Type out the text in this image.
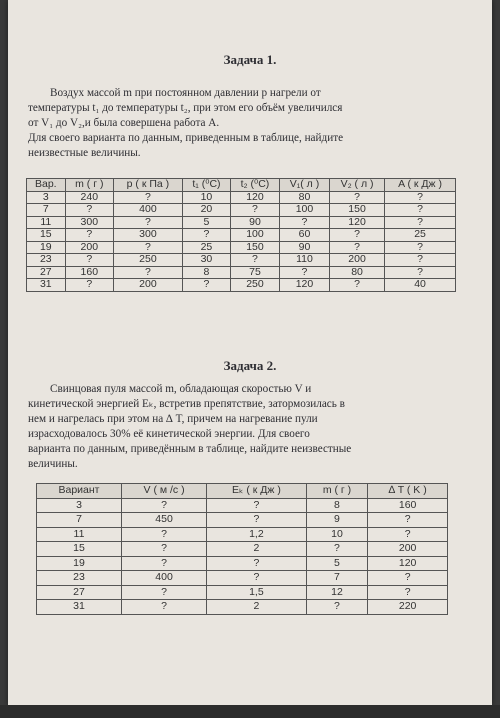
Задача 1.
Воздух массой m при постоянном давлении p нагрели от
температуры t₁ до температуры t₂, при этом его объём увеличился
от V₁ до V₂,и была совершена работа A.
Для своего варианта по данным, приведенным в таблице, найдите
неизвестные величины.
Вар.	m ( г )	p ( к Па )	t₁ (⁰C)	t₂ (⁰C)	V₁( л )	V₂ ( л )	A ( к Дж )
3	240	?	10	120	80	?	?
7	?	400	20	?	100	150	?
11	300	?	5	90	?	120	?
15	?	300	?	100	60	?	25
19	200	?	25	150	90	?	?
23	?	250	30	?	110	200	?
27	160	?	8	75	?	80	?
31	?	200	?	250	120	?	40
Задача 2.
Свинцовая пуля массой m, обладающая скоростью V и
кинетической энергией Eₖ, встретив препятствие, затормозилась в
нем и нагрелась при этом на ∆ T, причем на нагревание пули
израсходовалось 30% её кинетической энергии. Для своего
варианта по данным, приведённым в таблице, найдите неизвестные
величины.
Вариант	V ( м /с )	Eₖ ( к Дж )	m ( г )	∆ T ( K )
3	?	?	8	160
7	450	?	9	?
11	?	1,2	10	?
15	?	2	?	200
19	?	?	5	120
23	400	?	7	?
27	?	1,5	12	?
31	?	2	?	220
